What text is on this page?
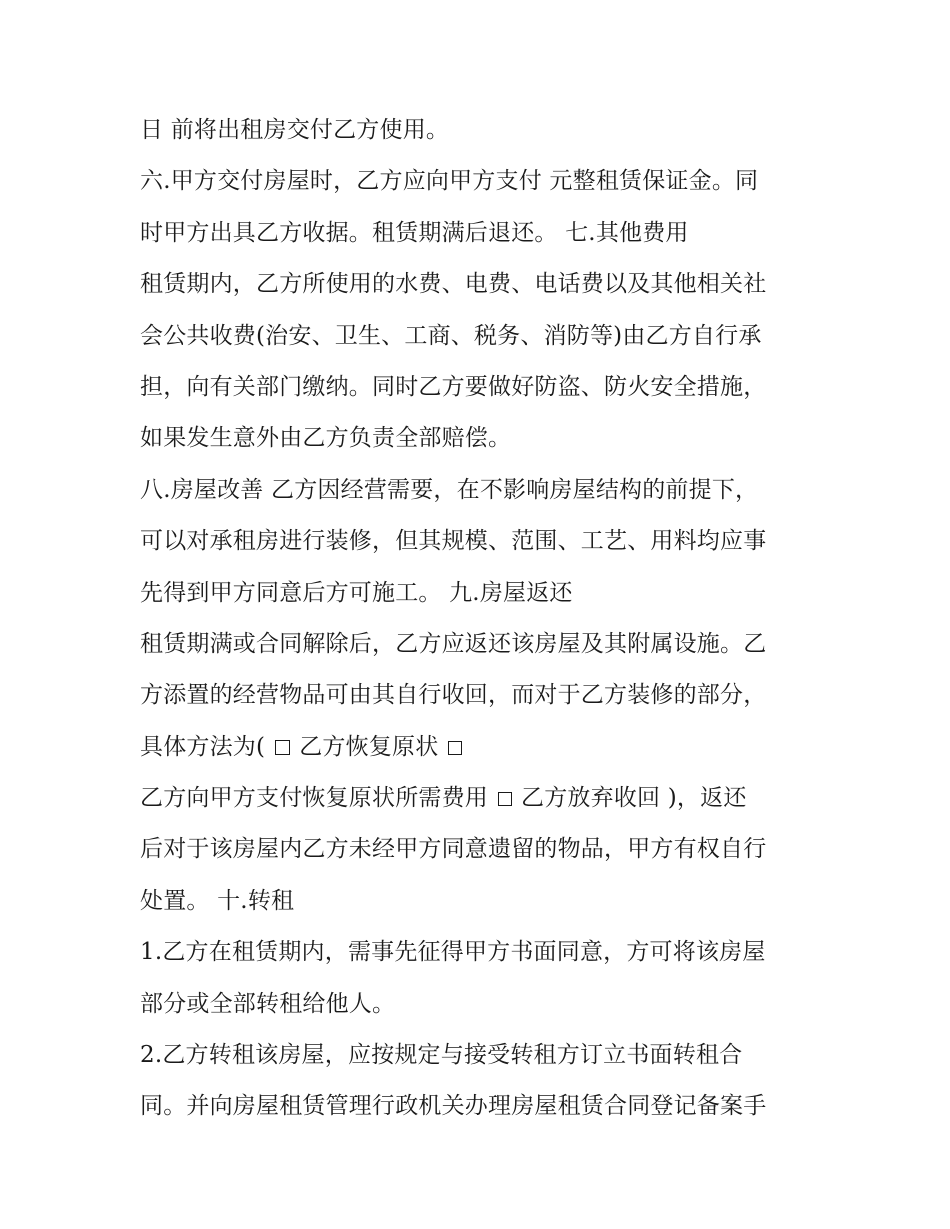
日 前将出租房交付乙方使用。
六.甲方交付房屋时，乙方应向甲方支付 元整租赁保证金。同
时甲方出具乙方收据。租赁期满后退还。 七.其他费用
租赁期内，乙方所使用的水费、电费、电话费以及其他相关社
会公共收费(治安、卫生、工商、税务、消防等)由乙方自行承
担，向有关部门缴纳。同时乙方要做好防盗、防火安全措施，
如果发生意外由乙方负责全部赔偿。
八.房屋改善 乙方因经营需要，在不影响房屋结构的前提下，
可以对承租房进行装修，但其规模、范围、工艺、用料均应事
先得到甲方同意后方可施工。 九.房屋返还
租赁期满或合同解除后，乙方应返还该房屋及其附属设施。乙
方添置的经营物品可由其自行收回，而对于乙方装修的部分，
具体方法为( 乙方恢复原状
乙方向甲方支付恢复原状所需费用 乙方放弃收回 )，返还
后对于该房屋内乙方未经甲方同意遗留的物品，甲方有权自行
处置。 十.转租
1.乙方在租赁期内，需事先征得甲方书面同意，方可将该房屋
部分或全部转租给他人。
2.乙方转租该房屋，应按规定与接受转租方订立书面转租合
同。并向房屋租赁管理行政机关办理房屋租赁合同登记备案手
